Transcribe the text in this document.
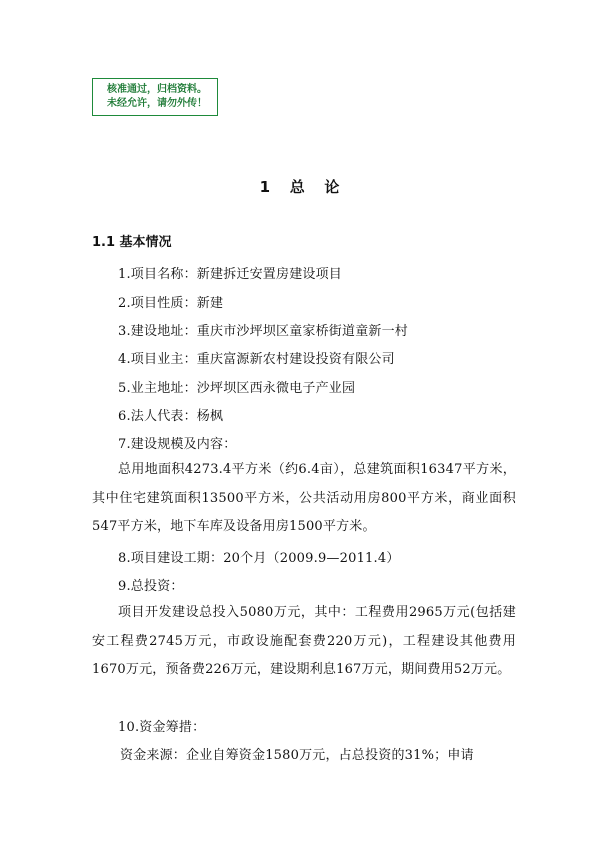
核准通过，归档资料。
未经允许，请勿外传！
1   总   论
1.1 基本情况
1.项目名称：新建拆迁安置房建设项目
2.项目性质：新建
3.建设地址：重庆市沙坪坝区童家桥街道童新一村
4.项目业主：重庆富源新农村建设投资有限公司
5.业主地址：沙坪坝区西永微电子产业园
6.法人代表：杨枫
7.建设规模及内容：
总用地面积4273.4平方米（约6.4亩），总建筑面积16347平方米，其中住宅建筑面积13500平方米，公共活动用房800平方米，商业面积547平方米，地下车库及设备用房1500平方米。
8.项目建设工期：20个月（2009.9—2011.4）
9.总投资：
项目开发建设总投入5080万元，其中：工程费用2965万元(包括建安工程费2745万元，市政设施配套费220万元)，工程建设其他费用1670万元，预备费226万元，建设期利息167万元，期间费用52万元。
10.资金筹措：
资金来源：企业自筹资金1580万元，占总投资的31%；申请
